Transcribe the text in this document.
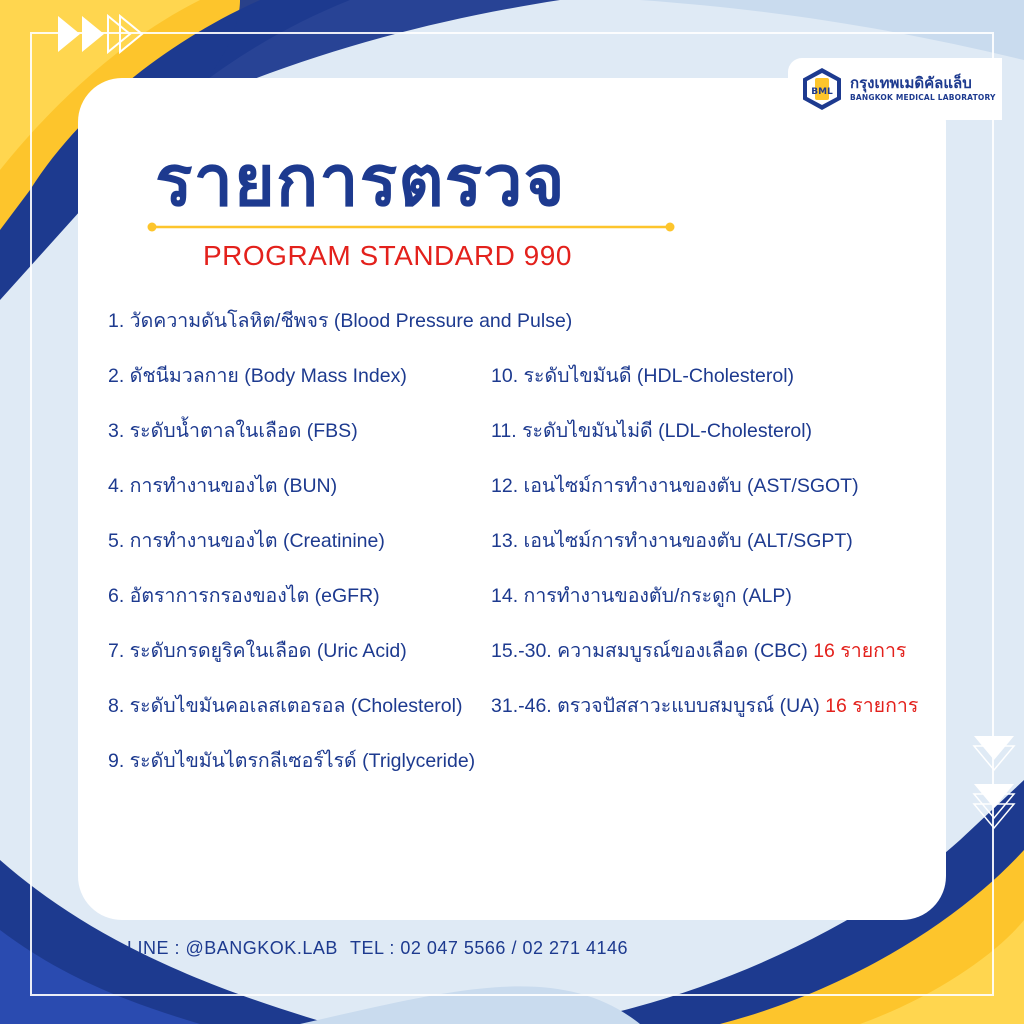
BML กรุงเทพเมดิคัลแล็บ
BANGKOK MEDICAL LABORATORY
รายการตรวจ
PROGRAM STANDARD 990
1. วัดความดันโลหิต/ชีพจร (Blood Pressure and Pulse)
2. ดัชนีมวลกาย (Body Mass Index)
3. ระดับน้ำตาลในเลือด (FBS)
4. การทำงานของไต (BUN)
5. การทำงานของไต (Creatinine)
6. อัตราการกรองของไต (eGFR)
7. ระดับกรดยูริคในเลือด (Uric Acid)
8. ระดับไขมันคอเลสเตอรอล (Cholesterol)
9. ระดับไขมันไตรกลีเซอร์ไรด์ (Triglyceride)
10. ระดับไขมันดี (HDL-Cholesterol)
11. ระดับไขมันไม่ดี (LDL-Cholesterol)
12. เอนไซม์การทำงานของตับ (AST/SGOT)
13. เอนไซม์การทำงานของตับ (ALT/SGPT)
14. การทำงานของตับ/กระดูก (ALP)
15.-30. ความสมบูรณ์ของเลือด (CBC) 16 รายการ
31.-46. ตรวจปัสสาวะแบบสมบูรณ์ (UA) 16 รายการ
LINE : @BANGKOK.LAB TEL : 02 047 5566 / 02 271 4146
